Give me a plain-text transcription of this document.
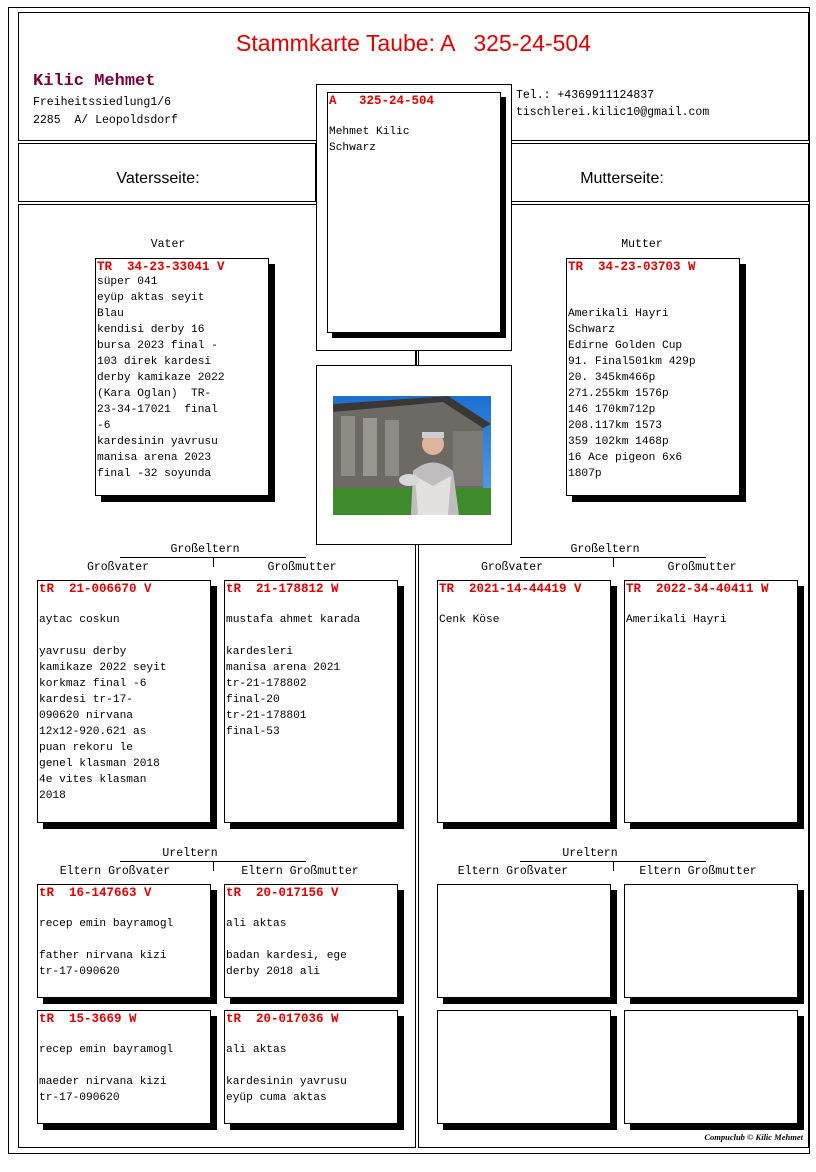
Stammkarte Taube: A   325-24-504
Kilic Mehmet
Freiheitssiedlung1/6
2285  A/ Leopoldsdorf
Tel.: +4369911124837
tischlerei.kilic10@gmail.com
Vatersseite:	Mutterseite:
A   325-24-504

Mehmet Kilic
Schwarz
Vater
TR  34-23-33041 V
süper 041
eyüp aktas seyit
Blau
kendisi derby 16
bursa 2023 final -
103 direk kardesi
derby kamikaze 2022
(Kara Oglan)  TR-
23-34-17021  final
-6
kardesinin yavrusu
manisa arena 2023
final -32 soyunda
Mutter
TR  34-23-03703 W

Amerikali Hayri
Schwarz
Edirne Golden Cup
91. Final501km 429p
20. 345km466p
271.255km 1576p
146 170km712p
208.117km 1573
359 102km 1468p
16 Ace pigeon 6x6
1807p
Großeltern
Großvater	Großmutter
tR  21-006670 V

aytac coskun

yavrusu derby
kamikaze 2022 seyit
korkmaz final -6
kardesi tr-17-
090620 nirvana
12x12-920.621 as
puan rekoru le
genel klasman 2018
4e vites klasman
2018
tR  21-178812 W

mustafa ahmet karada

kardesleri
manisa arena 2021
tr-21-178802
final-20
tr-21-178801
final-53
Großeltern
Großvater	Großmutter
TR  2021-14-44419 V

Cenk Köse
TR  2022-34-40411 W

Amerikali Hayri
Ureltern
Eltern Großvater	Eltern Großmutter
tR  16-147663 V

recep emin bayramogl

father nirvana kizi
tr-17-090620
tR  20-017156 V

ali aktas

badan kardesi, ege
derby 2018 ali
tR  15-3669 W

recep emin bayramogl

maeder nirvana kizi
tr-17-090620
tR  20-017036 W

ali aktas

kardesinin yavrusu
eyüp cuma aktas
Ureltern
Eltern Großvater	Eltern Großmutter
Compuclub © Kilic Mehmet
